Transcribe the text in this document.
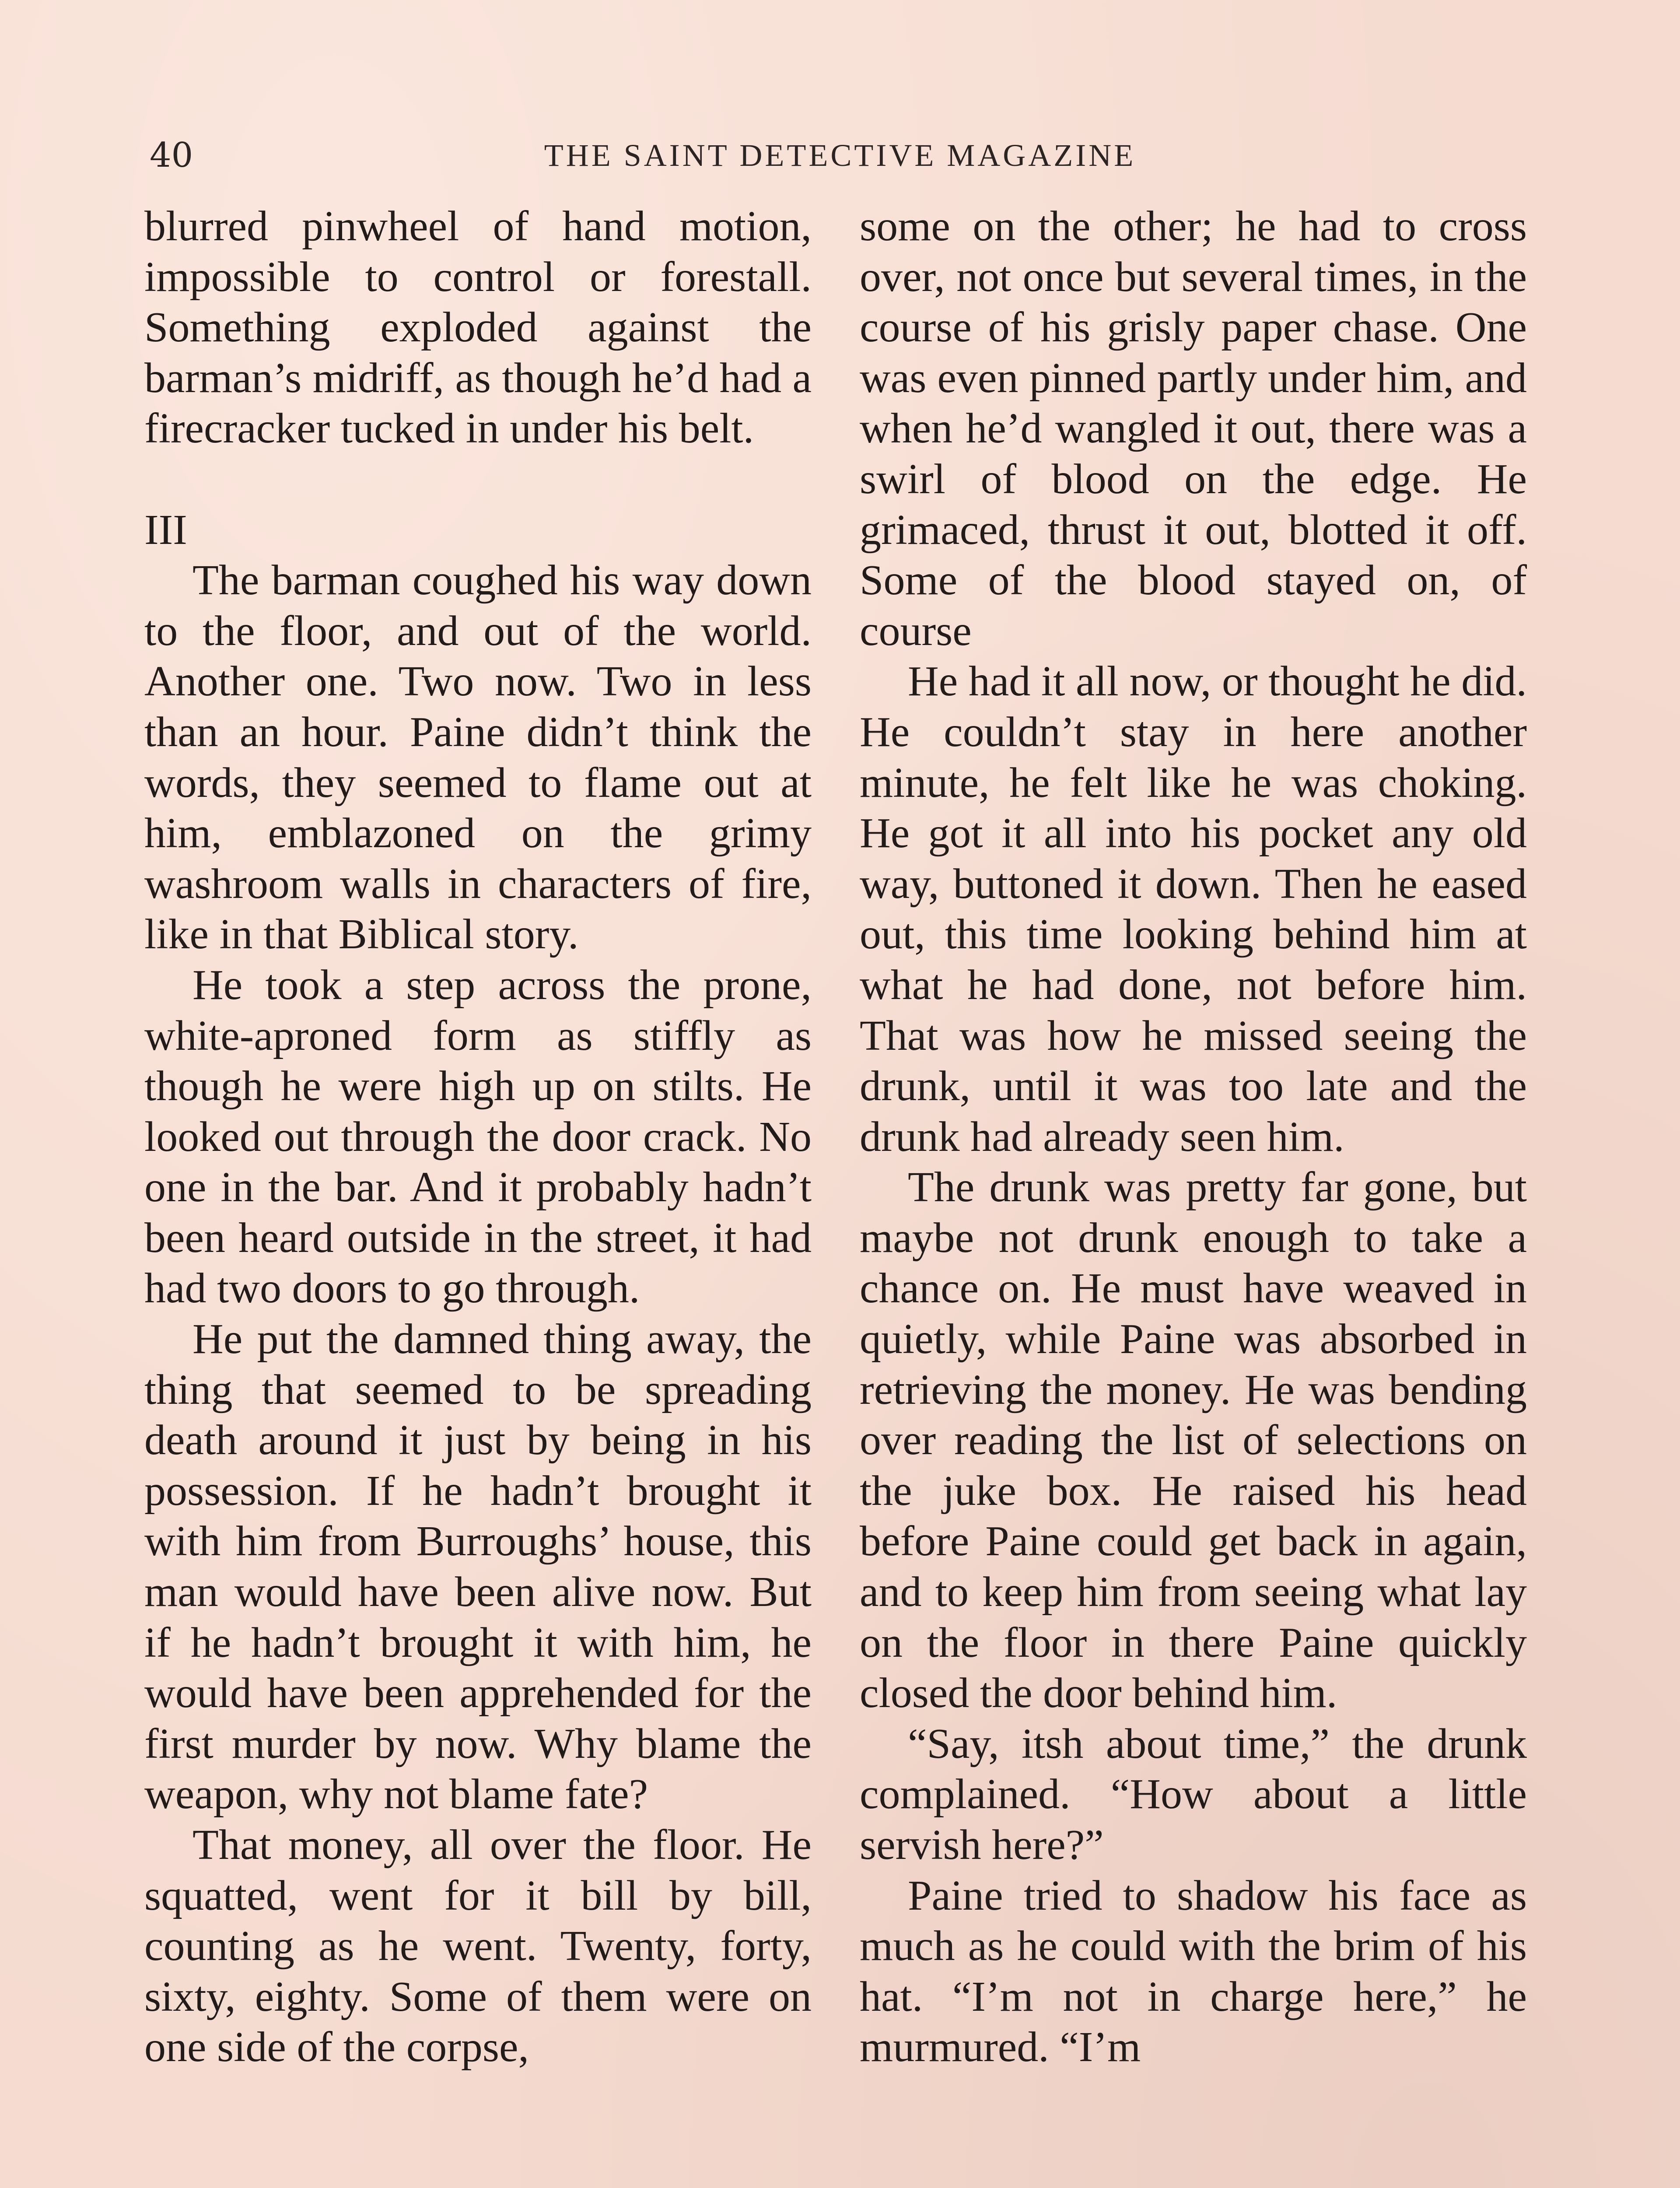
40	THE SAINT DETECTIVE MAGAZINE

blurred pinwheel of hand motion, impossible to control or forestall. Something exploded against the barman’s midriff, as though he’d had a firecracker tucked in under his belt.

III

The barman coughed his way down to the floor, and out of the world. Another one. Two now. Two in less than an hour. Paine didn’t think the words, they seemed to flame out at him, emblazoned on the grimy washroom walls in characters of fire, like in that Biblical story.

He took a step across the prone, white-aproned form as stiffly as though he were high up on stilts. He looked out through the door crack. No one in the bar. And it probably hadn’t been heard outside in the street, it had had two doors to go through.

He put the damned thing away, the thing that seemed to be spreading death around it just by being in his possession. If he hadn’t brought it with him from Burroughs’ house, this man would have been alive now. But if he hadn’t brought it with him, he would have been apprehended for the first murder by now. Why blame the weapon, why not blame fate?

That money, all over the floor. He squatted, went for it bill by bill, counting as he went. Twenty, forty, sixty, eighty. Some of them were on one side of the corpse,

some on the other; he had to cross over, not once but several times, in the course of his grisly paper chase. One was even pinned partly under him, and when he’d wangled it out, there was a swirl of blood on the edge. He grimaced, thrust it out, blotted it off. Some of the blood stayed on, of course

He had it all now, or thought he did. He couldn’t stay in here another minute, he felt like he was choking. He got it all into his pocket any old way, buttoned it down. Then he eased out, this time looking behind him at what he had done, not before him. That was how he missed seeing the drunk, until it was too late and the drunk had already seen him.

The drunk was pretty far gone, but maybe not drunk enough to take a chance on. He must have weaved in quietly, while Paine was absorbed in retrieving the money. He was bending over reading the list of selections on the juke box. He raised his head before Paine could get back in again, and to keep him from seeing what lay on the floor in there Paine quickly closed the door behind him.

“Say, itsh about time,” the drunk complained. “How about a little servish here?”

Paine tried to shadow his face as much as he could with the brim of his hat. “I’m not in charge here,” he murmured. “I’m
